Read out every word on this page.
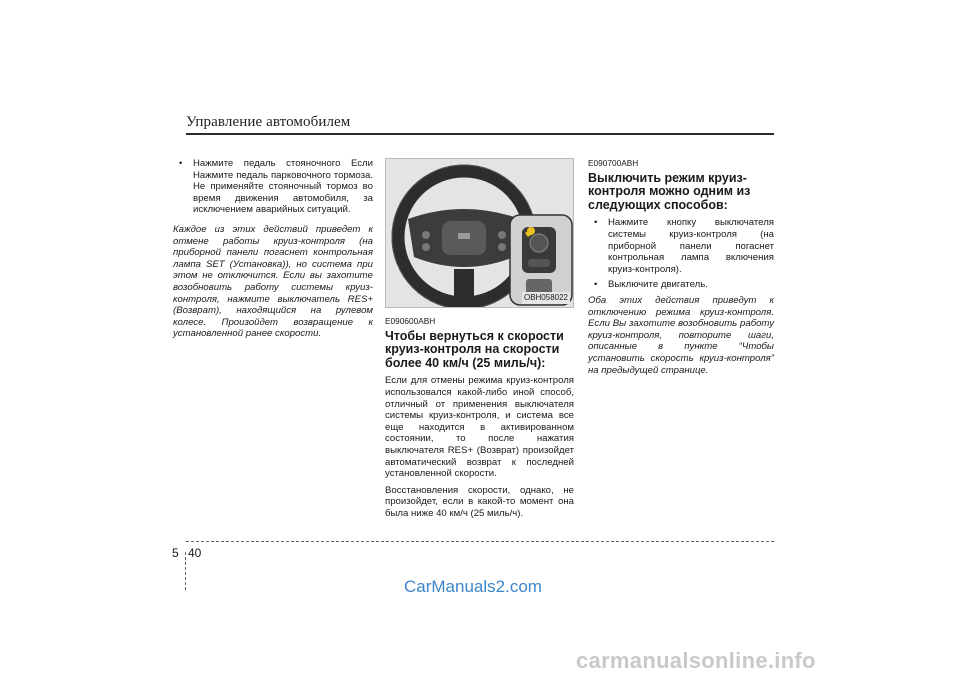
Управление автомобилем

• Нажмите педаль стояночного Если Нажмите педаль парковочного тормоза. Не применяйте стояночный тормоз во время движения автомобиля, за исключением аварийных ситуаций.

Каждое из этих действий приведет к отмене работы круиз-контроля (на приборной панели погаснет контрольная лампа SET (Установка)), но система при этом не отключится. Если вы захотите возобновить работу системы круиз-контроля, нажмите выключатель RES+ (Возврат), находящийся на рулевом колесе. Произойдет возвращение к установленной ранее скорости.

OBH058022

E090600ABH

Чтобы вернуться к скорости круиз-контроля на скорости более 40 км/ч (25 миль/ч):

Если для отмены режима круиз-контроля использовался какой-либо иной способ, отличный от применения выключателя системы круиз-контроля, и система все еще находится в активированном состоянии, то после нажатия выключателя RES+ (Возврат) произойдет автоматический возврат к последней установленной скорости.

Восстановления скорости, однако, не произойдет, если в какой-то момент она была ниже 40 км/ч (25 миль/ч).

E090700ABH

Выключить режим круиз-контроля можно одним из следующих способов:

• Нажмите кнопку выключателя системы круиз-контроля (на приборной панели погаснет контрольная лампа включения круиз-контроля).

• Выключите двигатель.

Оба этих действия приведут к отключению режима круиз-контроля. Если Вы захотите возобновить работу круиз-контроля, повторите шаги, описанные в пункте “Чтобы установить скорость круиз-контроля” на предыдущей странице.

5 40
CarManuals2.com
carmanualsonline.info
